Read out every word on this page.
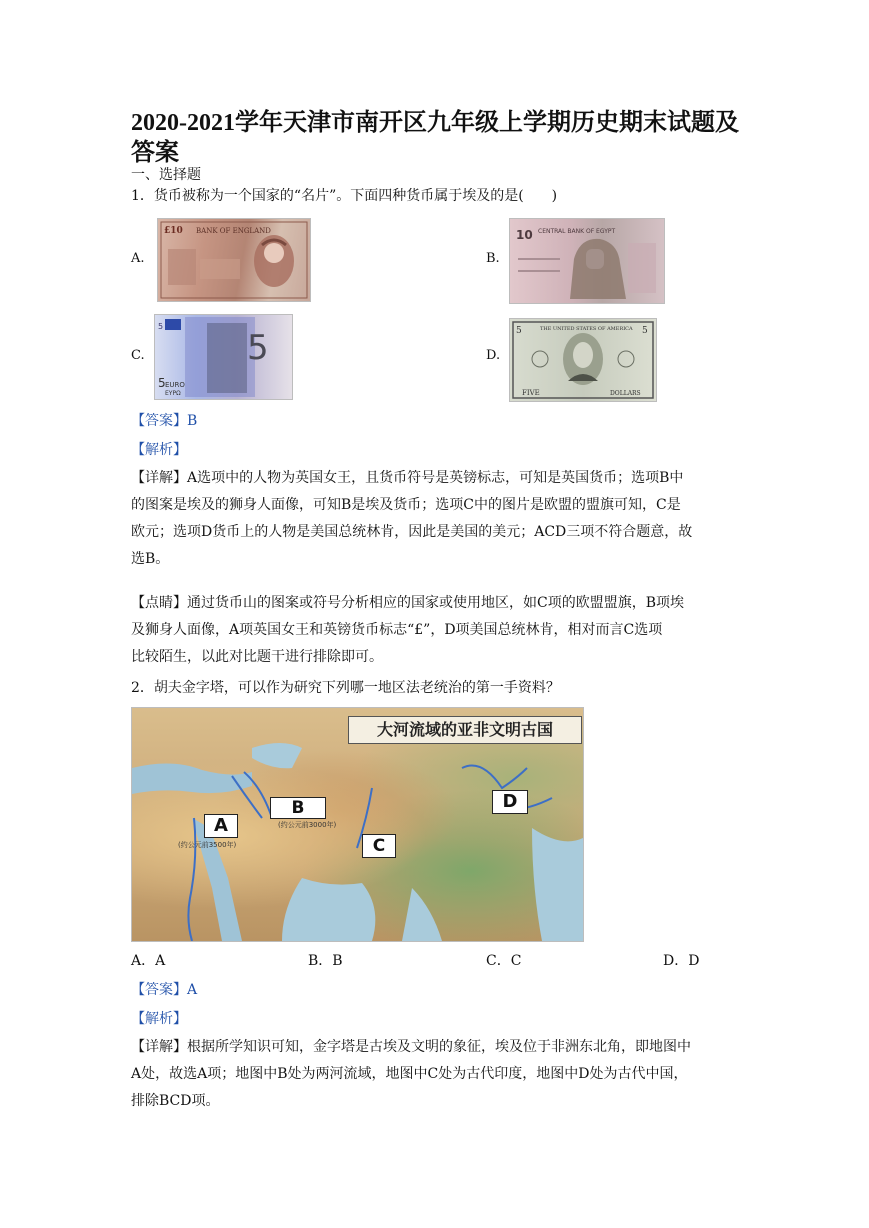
2020-2021学年天津市南开区九年级上学期历史期末试题及答案
一、选择题
1．货币被称为一个国家的“名片”。下面四种货币属于埃及的是(　　)
A.
BANK OF ENGLAND
£10
B.
CENTRAL BANK OF EGYPT
10
C.
5
5
5 EURO
EYPΩ
D.
THE UNITED STATES OF AMERICA
5	5
FIVE	DOLLARS
【答案】B
【解析】
【详解】A选项中的人物为英国女王，且货币符号是英镑标志，可知是英国货币；选项B中
的图案是埃及的狮身人面像，可知B是埃及货币；选项C中的图片是欧盟的盟旗可知，C是
欧元；选项D货币上的人物是美国总统林肯，因此是美国的美元；ACD三项不符合题意，故
选B。
【点睛】通过货币山的图案或符号分析相应的国家或使用地区，如C项的欧盟盟旗，B项埃
及狮身人面像，A项英国女王和英镑货币标志“£”，D项美国总统林肯，相对而言C选项
比较陌生，以此对比题干进行排除即可。
2．胡夫金字塔，可以作为研究下列哪一地区法老统治的第一手资料？
大河流域的亚非文明古国
A
(约公元前3500年)
B
(约公元前3000年)
C
D
A．A	B．B	C．C	D．D
【答案】A
【解析】
【详解】根据所学知识可知，金字塔是古埃及文明的象征，埃及位于非洲东北角，即地图中
A处，故选A项；地图中B处为两河流域，地图中C处为古代印度，地图中D处为古代中国，
排除BCD项。
